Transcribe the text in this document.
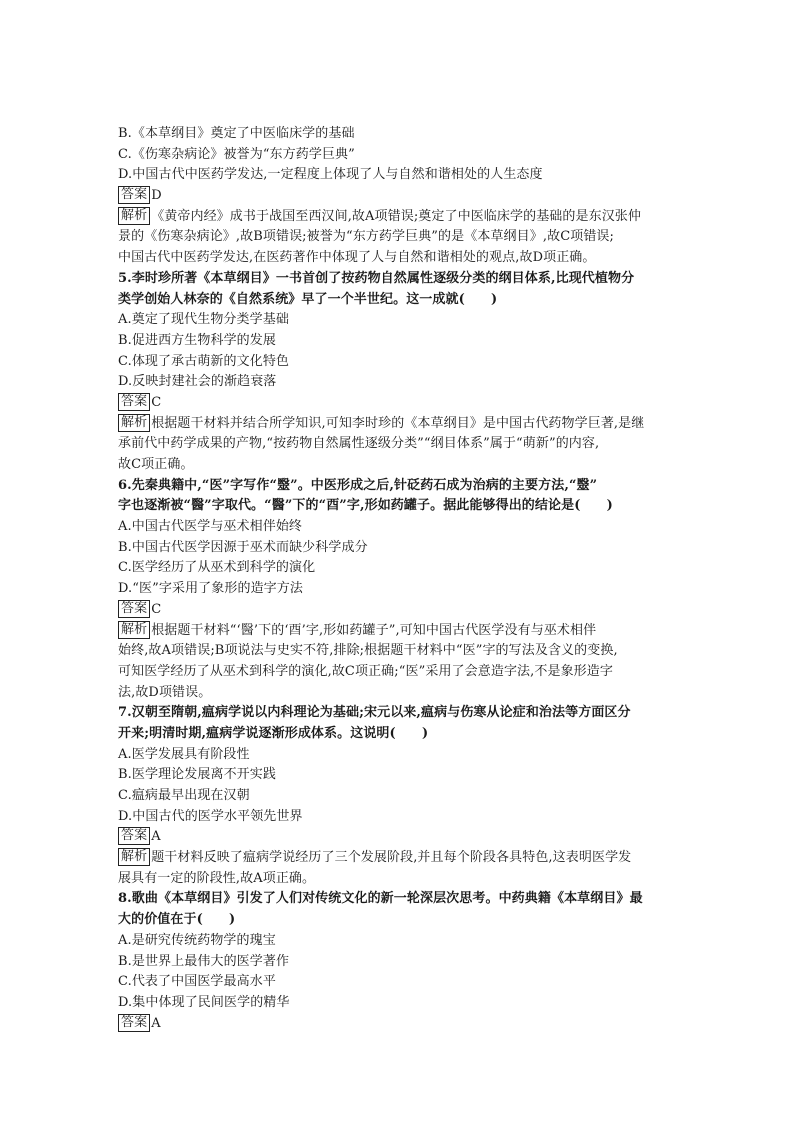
B.《本草纲目》奠定了中医临床学的基础
C.《伤寒杂病论》被誉为“东方药学巨典”
D.中国古代中医药学发达,一定程度上体现了人与自然和谐相处的人生态度
答案 D
解析 《黄帝内经》成书于战国至西汉间,故A项错误;奠定了中医临床学的基础的是东汉张仲
景的《伤寒杂病论》,故B项错误;被誉为“东方药学巨典”的是《本草纲目》,故C项错误;
中国古代中医药学发达,在医药著作中体现了人与自然和谐相处的观点,故D项正确。
5.李时珍所著《本草纲目》一书首创了按药物自然属性逐级分类的纲目体系,比现代植物分
类学创始人林奈的《自然系统》早了一个半世纪。这一成就(　　)
A.奠定了现代生物分类学基础
B.促进西方生物科学的发展
C.体现了承古萌新的文化特色
D.反映封建社会的渐趋衰落
答案 C
解析 根据题干材料并结合所学知识,可知李时珍的《本草纲目》是中国古代药物学巨著,是继
承前代中药学成果的产物,“按药物自然属性逐级分类”“纲目体系”属于“萌新”的内容,
故C项正确。
6.先秦典籍中,“医”字写作“毉”。中医形成之后,针砭药石成为治病的主要方法,“毉”
字也逐渐被“醫”字取代。“醫”下的“酉”字,形如药罐子。据此能够得出的结论是(　　)
A.中国古代医学与巫术相伴始终
B.中国古代医学因源于巫术而缺少科学成分
C.医学经历了从巫术到科学的演化
D.“医”字采用了象形的造字方法
答案 C
解析 根据题干材料“‘醫’下的‘酉’字,形如药罐子”,可知中国古代医学没有与巫术相伴
始终,故A项错误;B项说法与史实不符,排除;根据题干材料中“医”字的写法及含义的变换,
可知医学经历了从巫术到科学的演化,故C项正确;“医”采用了会意造字法,不是象形造字
法,故D项错误。
7.汉朝至隋朝,瘟病学说以内科理论为基础;宋元以来,瘟病与伤寒从论症和治法等方面区分
开来;明清时期,瘟病学说逐渐形成体系。这说明(　　)
A.医学发展具有阶段性
B.医学理论发展离不开实践
C.瘟病最早出现在汉朝
D.中国古代的医学水平领先世界
答案 A
解析 题干材料反映了瘟病学说经历了三个发展阶段,并且每个阶段各具特色,这表明医学发
展具有一定的阶段性,故A项正确。
8.歌曲《本草纲目》引发了人们对传统文化的新一轮深层次思考。中药典籍《本草纲目》最
大的价值在于(　　)
A.是研究传统药物学的瑰宝
B.是世界上最伟大的医学著作
C.代表了中国医学最高水平
D.集中体现了民间医学的精华
答案 A
